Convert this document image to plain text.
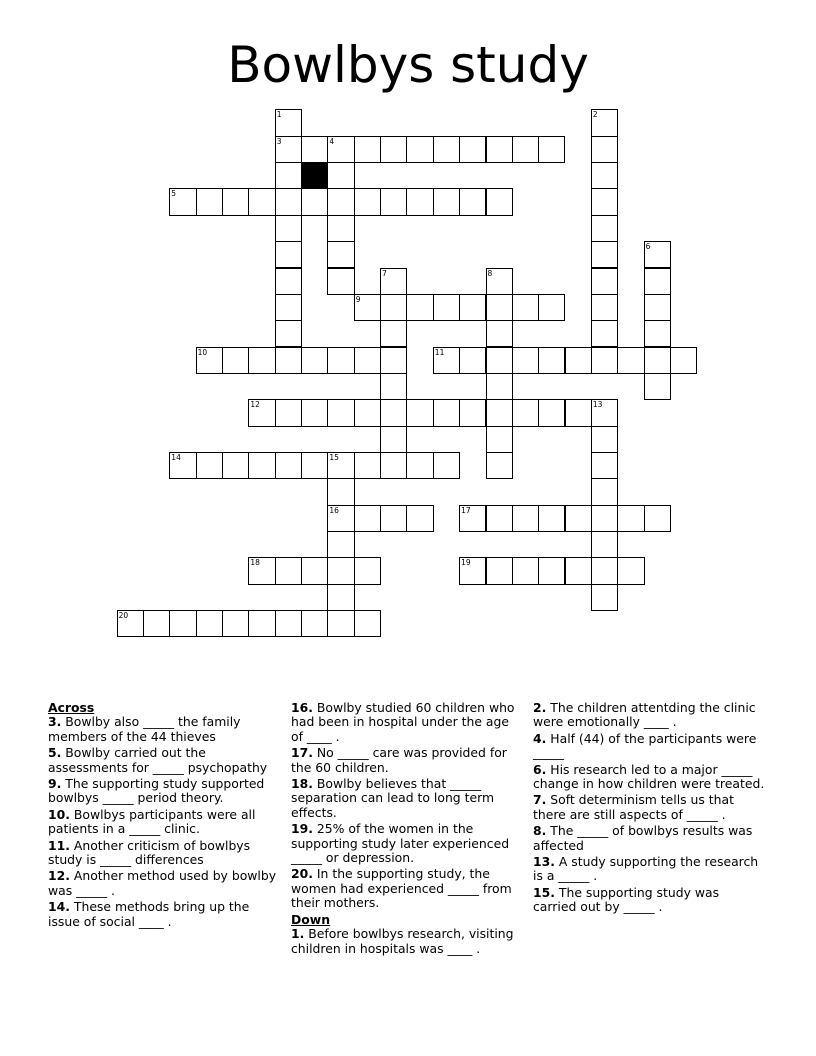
Bowlbys study
1	2
3	4
5
6
7	8
9
10	11
12	13
14	15
16	17
18	19
20
Across
3. Bowlby also _____ the family members of the 44 thieves
5. Bowlby carried out the assessments for _____ psychopathy
9. The supporting study supported bowlbys _____ period theory.
10. Bowlbys participants were all patients in a _____ clinic.
11. Another criticism of bowlbys study is _____ differences
12. Another method used by bowlby was _____ .
14. These methods bring up the issue of social ____ .
16. Bowlby studied 60 children who had been in hospital under the age of ____ .
17. No _____ care was provided for the 60 children.
18. Bowlby believes that _____ separation can lead to long term effects.
19. 25% of the women in the supporting study later experienced _____ or depression.
20. In the supporting study, the women had experienced _____ from their mothers.
Down
1. Before bowlbys research, visiting children in hospitals was ____ .
2. The children attentding the clinic were emotionally ____ .
4. Half (44) of the participants were _____
6. His research led to a major _____ change in how children were treated.
7. Soft determinism tells us that there are still aspects of _____ .
8. The _____ of bowlbys results was affected
13. A study supporting the research is a _____ .
15. The supporting study was carried out by _____ .
